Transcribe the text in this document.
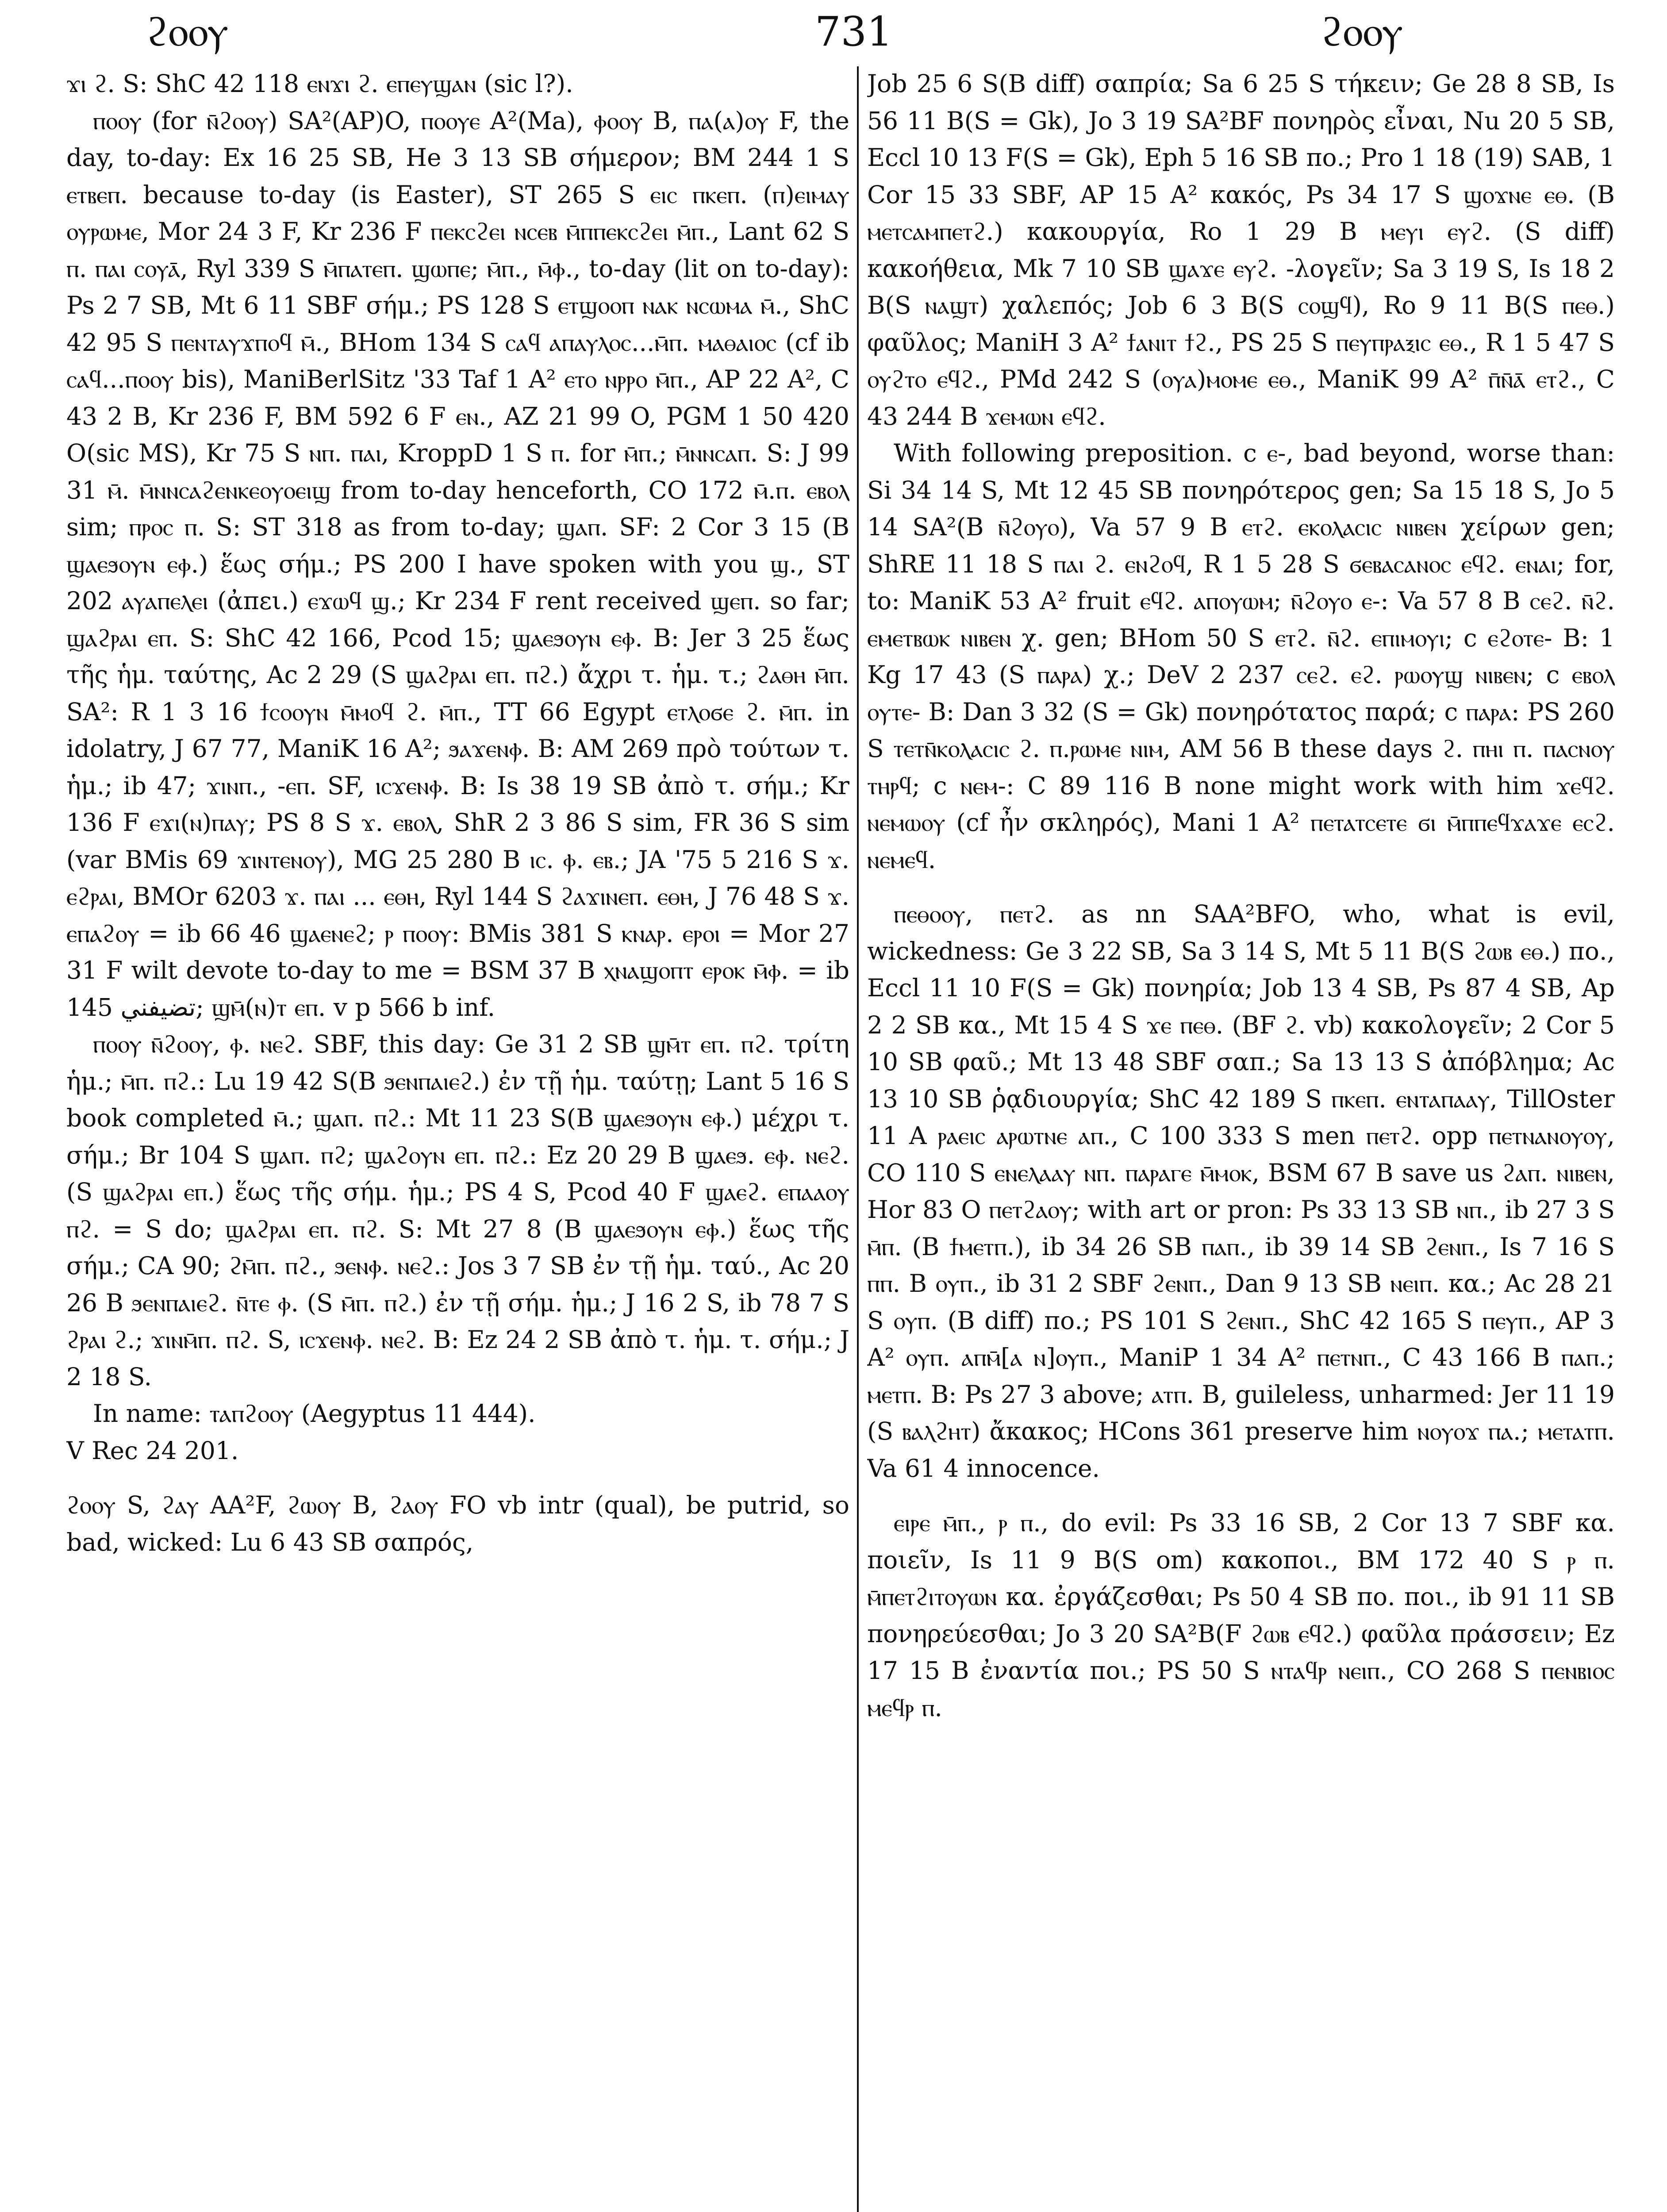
ϩⲟⲟⲩ	731	ϩⲟⲟⲩ

ϫⲓ ϩ. S: ShC 42 118 ⲉⲛϫⲓ ϩ. ⲉⲡⲉⲩϣⲁⲛ (sic l?).

ⲡⲟⲟⲩ (for ⲛ̄ϩⲟⲟⲩ) SA²(AP)O, ⲡⲟⲟⲩⲉ A²(Ma), ⲫⲟⲟⲩ B, ⲡⲁ(ⲁ)ⲟⲩ F, the day, to-day: Ex 16 25 SB, He 3 13 SB σήμερον; BM 244 1 S ⲉⲧⲃⲉⲡ. because to-day (is Easter), ST 265 S ⲉⲓⲥ ⲡⲕⲉⲡ. (ⲡ)ⲉⲓⲙⲁⲩ ⲟⲩⲣⲱⲙⲉ, Mor 24 3 F, Kr 236 F ⲡⲉⲕⲥϩⲉⲓ ⲛⲥⲉⲃ ⲙ̄ⲡⲡⲉⲕⲥϩⲉⲓ ⲙ̄ⲡ., Lant 62 S ⲡ. ⲡⲁⲓ ⲥⲟⲩⲁ̄, Ryl 339 S ⲙ̄ⲡⲁⲧⲉⲡ. ϣⲱⲡⲉ; ⲙ̄ⲡ., ⲙ̄ⲫ., to-day (lit on to-day): Ps 2 7 SB, Mt 6 11 SBF σήμ.; PS 128 S ⲉⲧϣⲟⲟⲡ ⲛⲁⲕ ⲛⲥⲱⲙⲁ ⲙ̄., ShC 42 95 S ⲡⲉⲛⲧⲁⲩϫⲡⲟϥ ⲙ̄., BHom 134 S ⲥⲁϥ ⲁⲡⲁⲩⲗⲟⲥ...ⲙ̄ⲡ. ⲙⲁⲑⲁⲓⲟⲥ (cf ib ⲥⲁϥ...ⲡⲟⲟⲩ bis), ManiBerlSitz '33 Taf 1 A² ⲉⲧⲟ ⲛⲣⲣⲟ ⲙ̄ⲡ., AP 22 A², C 43 2 B, Kr 236 F, BM 592 6 F ⲉⲛ., AZ 21 99 O, PGM 1 50 420 O(sic MS), Kr 75 S ⲛⲡ. ⲡⲁⲓ, KroppD 1 S ⲡ. for ⲙ̄ⲡ.; ⲙ̄ⲛⲛⲥⲁⲡ. S: J 99 31 ⲙ̄. ⲙ̄ⲛⲛⲥⲁϩⲉⲛⲕⲉⲟⲩⲟⲉⲓϣ from to-day henceforth, CO 172 ⲙ̄.ⲡ. ⲉⲃⲟⲗ sim; ⲡⲣⲟⲥ ⲡ. S: ST 318 as from to-day; ϣⲁⲡ. SF: 2 Cor 3 15 (B ϣⲁⲉϧⲟⲩⲛ ⲉⲫ.) ἕως σήμ.; PS 200 I have spoken with you ϣ., ST 202 ⲁⲩⲁⲡⲉⲗⲉⲓ (ἀπει.) ⲉϫⲱϥ ϣ.; Kr 234 F rent received ϣⲉⲡ. so far; ϣⲁϩⲣⲁⲓ ⲉⲡ. S: ShC 42 166, Pcod 15; ϣⲁⲉϧⲟⲩⲛ ⲉⲫ. B: Jer 3 25 ἕως τῆς ἡμ. ταύτης, Ac 2 29 (S ϣⲁϩⲣⲁⲓ ⲉⲡ. ⲡϩ.) ἄχρι τ. ἡμ. τ.; ϩⲁⲑⲏ ⲙ̄ⲡ. SA²: R 1 3 16 ϯⲥⲟⲟⲩⲛ ⲙ̄ⲙⲟϥ ϩ. ⲙ̄ⲡ., TT 66 Egypt ⲉⲧⲗⲟϭⲉ ϩ. ⲙ̄ⲡ. in idolatry, J 67 77, ManiK 16 A²; ϧⲁϫⲉⲛⲫ. B: AM 269 πρὸ τούτων τ. ἡμ.; ib 47; ϫⲓⲛⲡ., -ⲉⲡ. SF, ⲓⲥϫⲉⲛⲫ. B: Is 38 19 SB ἀπὸ τ. σήμ.; Kr 136 F ⲉϫⲓ(ⲛ)ⲡⲁⲩ; PS 8 S ϫ. ⲉⲃⲟⲗ, ShR 2 3 86 S sim, FR 36 S sim (var BMis 69 ϫⲓⲛⲧⲉⲛⲟⲩ), MG 25 280 B ⲓⲥ. ⲫ. ⲉⲃ.; JA '75 5 216 S ϫ. ⲉϩⲣⲁⲓ, BMOr 6203 ϫ. ⲡⲁⲓ ... ⲉⲑⲏ, Ryl 144 S ϩⲁϫⲓⲛⲉⲡ. ⲉⲑⲏ, J 76 48 S ϫ. ⲉⲡⲁϩⲟⲩ = ib 66 46 ϣⲁⲉⲛⲉϩ; ⲣ ⲡⲟⲟⲩ: BMis 381 S ⲕⲛⲁⲣ. ⲉⲣⲟⲓ = Mor 27 31 F wilt devote to-day to me = BSM 37 B ⲭⲛⲁϣⲟⲡⲧ ⲉⲣⲟⲕ ⲙ̄ⲫ. = ib 145 تضيفني; ϣⲙ̄(ⲛ)ⲧ ⲉⲡ. v p 566 b inf.

ⲡⲟⲟⲩ ⲛ̄ϩⲟⲟⲩ, ⲫ. ⲛⲉϩ. SBF, this day: Ge 31 2 SB ϣⲙ̄ⲧ ⲉⲡ. ⲡϩ. τρίτη ἡμ.; ⲙ̄ⲡ. ⲡϩ.: Lu 19 42 S(B ϧⲉⲛⲡⲁⲓⲉϩ.) ἐν τῇ ἡμ. ταύτῃ; Lant 5 16 S book completed ⲙ̄.; ϣⲁⲡ. ⲡϩ.: Mt 11 23 S(B ϣⲁⲉϧⲟⲩⲛ ⲉⲫ.) μέχρι τ. σήμ.; Br 104 S ϣⲁⲡ. ⲡϩ; ϣⲁϩⲟⲩⲛ ⲉⲡ. ⲡϩ.: Ez 20 29 B ϣⲁⲉϧ. ⲉⲫ. ⲛⲉϩ. (S ϣⲁϩⲣⲁⲓ ⲉⲡ.) ἕως τῆς σήμ. ἡμ.; PS 4 S, Pcod 40 F ϣⲁⲉϩ. ⲉⲡⲁⲁⲟⲩ ⲡϩ. = S do; ϣⲁϩⲣⲁⲓ ⲉⲡ. ⲡϩ. S: Mt 27 8 (B ϣⲁⲉϧⲟⲩⲛ ⲉⲫ.) ἕως τῆς σήμ.; CA 90; ϩⲙ̄ⲡ. ⲡϩ., ϧⲉⲛⲫ. ⲛⲉϩ.: Jos 3 7 SB ἐν τῇ ἡμ. ταύ., Ac 20 26 B ϧⲉⲛⲡⲁⲓⲉϩ. ⲛ̄ⲧⲉ ⲫ. (S ⲙ̄ⲡ. ⲡϩ.) ἐν τῇ σήμ. ἡμ.; J 16 2 S, ib 78 7 S ϩⲣⲁⲓ ϩ.; ϫⲓⲛⲙ̄ⲡ. ⲡϩ. S, ⲓⲥϫⲉⲛⲫ. ⲛⲉϩ. B: Ez 24 2 SB ἀπὸ τ. ἡμ. τ. σήμ.; J 2 18 S.

In name: ⲧⲁⲡϩⲟⲟⲩ (Aegyptus 11 444).

V Rec 24 201.

ϩⲟⲟⲩ S, ϩⲁⲩ AA²F, ϩⲱⲟⲩ B, ϩⲁⲟⲩ FO vb intr (qual), be putrid, so bad, wicked: Lu 6 43 SB σαπρός,

Job 25 6 S(B diff) σαπρία; Sa 6 25 S τήκειν; Ge 28 8 SB, Is 56 11 B(S = Gk), Jo 3 19 SA²BF πονηρὸς εἶναι, Nu 20 5 SB, Eccl 10 13 F(S = Gk), Eph 5 16 SB πο.; Pro 1 18 (19) SAB, 1 Cor 15 33 SBF, AP 15 A² κακός, Ps 34 17 S ϣⲟϫⲛⲉ ⲉⲑ. (B ⲙⲉⲧⲥⲁⲙⲡⲉⲧϩ.) κακουργία, Ro 1 29 B ⲙⲉⲩⲓ ⲉⲩϩ. (S diff) κακοήθεια, Mk 7 10 SB ϣⲁϫⲉ ⲉⲩϩ. -λογεῖν; Sa 3 19 S, Is 18 2 B(S ⲛⲁϣⲧ) χαλεπός; Job 6 3 B(S ⲥⲟϣϥ), Ro 9 11 B(S ⲡⲉⲑ.) φαῦλος; ManiH 3 A² ϯⲁⲛⲓⲧ ϯϩ., PS 25 S ⲡⲉⲩⲡⲣⲁⲝⲓⲥ ⲉⲑ., R 1 5 47 S ⲟⲩϩⲧⲟ ⲉϥϩ., PMd 242 S (ⲟⲩⲁ)ⲙⲟⲙⲉ ⲉⲑ., ManiK 99 A² ⲡ̄ⲛ̄ⲁ̄ ⲉⲧϩ., C 43 244 B ϫⲉⲙⲱⲛ ⲉϥϩ.

With following preposition. c ⲉ-, bad beyond, worse than: Si 34 14 S, Mt 12 45 SB πονηρότερος gen; Sa 15 18 S, Jo 5 14 SA²(B ⲛ̄ϩⲟⲩⲟ), Va 57 9 B ⲉⲧϩ. ⲉⲕⲟⲗⲁⲥⲓⲥ ⲛⲓⲃⲉⲛ χείρων gen; ShRE 11 18 S ⲡⲁⲓ ϩ. ⲉⲛϩⲟϥ, R 1 5 28 S ϭⲉⲃⲁⲥⲁⲛⲟⲥ ⲉϥϩ. ⲉⲛⲁⲓ; for, to: ManiK 53 A² fruit ⲉϥϩ. ⲁⲡⲟⲩⲱⲙ; ⲛ̄ϩⲟⲩⲟ ⲉ-: Va 57 8 B ⲥⲉϩ. ⲛ̄ϩ. ⲉⲙⲉⲧⲃⲱⲕ ⲛⲓⲃⲉⲛ χ. gen; BHom 50 S ⲉⲧϩ. ⲛ̄ϩ. ⲉⲡⲓⲙⲟⲩⲓ; c ⲉϩⲟⲧⲉ- B: 1 Kg 17 43 (S ⲡⲁⲣⲁ) χ.; DeV 2 237 ⲥⲉϩ. ⲉϩ. ⲣⲱⲟⲩϣ ⲛⲓⲃⲉⲛ; c ⲉⲃⲟⲗ ⲟⲩⲧⲉ- B: Dan 3 32 (S = Gk) πονηρότατος παρά; c ⲡⲁⲣⲁ: PS 260 S ⲧⲉⲧⲛ̄ⲕⲟⲗⲁⲥⲓⲥ ϩ. ⲡ.ⲣⲱⲙⲉ ⲛⲓⲙ, AM 56 B these days ϩ. ⲡⲏⲓ ⲡ. ⲡⲁⲥⲛⲟⲩ ⲧⲏⲣϥ; c ⲛⲉⲙ-: C 89 116 B none might work with him ϫⲉϥϩ. ⲛⲉⲙⲱⲟⲩ (cf ἦν σκληρός), Mani 1 A² ⲡⲉⲧⲁⲧⲥⲉⲧⲉ ϭⲓ ⲙ̄ⲡⲡⲉϥϫⲁϫⲉ ⲉⲥϩ. ⲛⲉⲙⲉϥ.

ⲡⲉⲑⲟⲟⲩ, ⲡⲉⲧϩ. as nn SAA²BFO, who, what is evil, wickedness: Ge 3 22 SB, Sa 3 14 S, Mt 5 11 B(S ϩⲱⲃ ⲉⲑ.) πο., Eccl 11 10 F(S = Gk) πονηρία; Job 13 4 SB, Ps 87 4 SB, Ap 2 2 SB κα., Mt 15 4 S ϫⲉ ⲡⲉⲑ. (BF ϩ. vb) κακολογεῖν; 2 Cor 5 10 SB φαῦ.; Mt 13 48 SBF σαπ.; Sa 13 13 S ἀπόβλημα; Ac 13 10 SB ῥᾳδιουργία; ShC 42 189 S ⲡⲕⲉⲡ. ⲉⲛⲧⲁⲡⲁⲁⲩ, TillOster 11 A ⲣⲁⲉⲓⲥ ⲁⲣⲱⲧⲛⲉ ⲁⲡ., C 100 333 S men ⲡⲉⲧϩ. opp ⲡⲉⲧⲛⲁⲛⲟⲩⲟⲩ, CO 110 S ⲉⲛⲉⲗⲁⲁⲩ ⲛⲡ. ⲡⲁⲣⲁⲅⲉ ⲙ̄ⲙⲟⲕ, BSM 67 B save us ϩⲁⲡ. ⲛⲓⲃⲉⲛ, Hor 83 O ⲡⲉⲧϩⲁⲟⲩ; with art or pron: Ps 33 13 SB ⲛⲡ., ib 27 3 S ⲙ̄ⲡ. (B ϯⲙⲉⲧⲡ.), ib 34 26 SB ⲡⲁⲡ., ib 39 14 SB ϩⲉⲛⲡ., Is 7 16 S ⲡⲡ. B ⲟⲩⲡ., ib 31 2 SBF ϩⲉⲛⲡ., Dan 9 13 SB ⲛⲉⲓⲡ. κα.; Ac 28 21 S ⲟⲩⲡ. (B diff) πο.; PS 101 S ϩⲉⲛⲡ., ShC 42 165 S ⲡⲉⲩⲡ., AP 3 A² ⲟⲩⲡ. ⲁⲡⲙ̄[ⲁ ⲛ]ⲟⲩⲡ., ManiP 1 34 A² ⲡⲉⲧⲛⲡ., C 43 166 B ⲡⲁⲡ.; ⲙⲉⲧⲡ. B: Ps 27 3 above; ⲁⲧⲡ. B, guileless, unharmed: Jer 11 19 (S ⲃⲁⲗϩⲏⲧ) ἄκακος; HCons 361 preserve him ⲛⲟⲩⲟϫ ⲡⲁ.; ⲙⲉⲧⲁⲧⲡ. Va 61 4 innocence.

ⲉⲓⲣⲉ ⲙ̄ⲡ., ⲣ ⲡ., do evil: Ps 33 16 SB, 2 Cor 13 7 SBF κα. ποιεῖν, Is 11 9 B(S om) κακοποι., BM 172 40 S ⲣ ⲡ. ⲙ̄ⲡⲉⲧϩⲓⲧⲟⲩⲱⲛ κα. ἐργάζεσθαι; Ps 50 4 SB πο. ποι., ib 91 11 SB πονηρεύεσθαι; Jo 3 20 SA²B(F ϩⲱⲃ ⲉϥϩ.) φαῦλα πράσσειν; Ez 17 15 B ἐναντία ποι.; PS 50 S ⲛⲧⲁϥⲣ ⲛⲉⲓⲡ., CO 268 S ⲡⲉⲛⲃⲓⲟⲥ ⲙⲉϥⲣ ⲡ.
